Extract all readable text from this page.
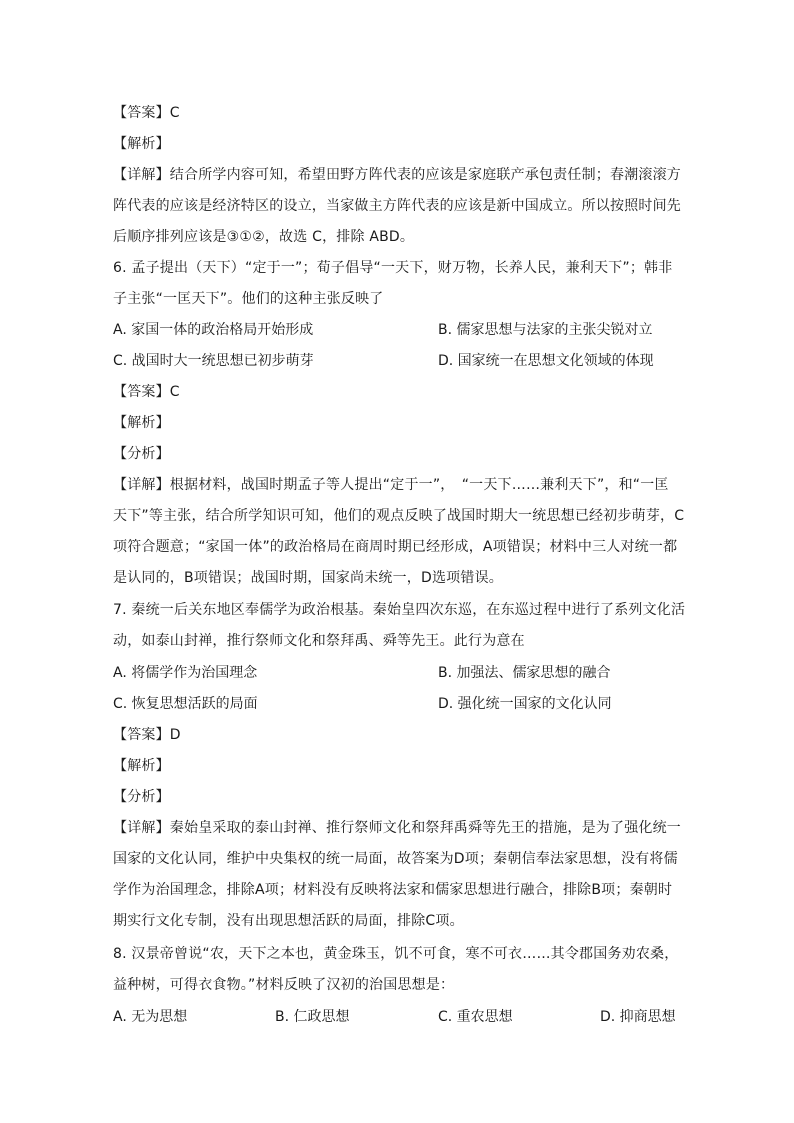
【答案】C
【解析】
【详解】结合所学内容可知，希望田野方阵代表的应该是家庭联产承包责任制；春潮滚滚方
阵代表的应该是经济特区的设立，当家做主方阵代表的应该是新中国成立。所以按照时间先
后顺序排列应该是③①②，故选 C，排除 ABD。
6. 孟子提出（天下）“定于一”；荀子倡导“一天下，财万物，长养人民，兼利天下”；韩非
子主张“一匡天下”。他们的这种主张反映了
A. 家国一体的政治格局开始形成	B. 儒家思想与法家的主张尖锐对立
C. 战国时大一统思想已初步萌芽	D. 国家统一在思想文化领域的体现
【答案】C
【解析】
【分析】
【详解】根据材料，战国时期孟子等人提出“定于一”，　“一天下……兼利天下”，和“一匡
天下”等主张，结合所学知识可知，他们的观点反映了战国时期大一统思想已经初步萌芽，C
项符合题意；“家国一体”的政治格局在商周时期已经形成，A项错误；材料中三人对统一都
是认同的，B项错误；战国时期，国家尚未统一，D选项错误。
7. 秦统一后关东地区奉儒学为政治根基。秦始皇四次东巡，在东巡过程中进行了系列文化活
动，如泰山封禅，推行祭师文化和祭拜禹、舜等先王。此行为意在
A. 将儒学作为治国理念	B. 加强法、儒家思想的融合
C. 恢复思想活跃的局面	D. 强化统一国家的文化认同
【答案】D
【解析】
【分析】
【详解】秦始皇采取的泰山封禅、推行祭师文化和祭拜禹舜等先王的措施，是为了强化统一
国家的文化认同，维护中央集权的统一局面，故答案为D项；秦朝信奉法家思想，没有将儒
学作为治国理念，排除A项；材料没有反映将法家和儒家思想进行融合，排除B项；秦朝时
期实行文化专制，没有出现思想活跃的局面，排除C项。
8. 汉景帝曾说“农，天下之本也，黄金珠玉，饥不可食，寒不可衣……其令郡国务劝农桑，
益种树，可得衣食物。”材料反映了汉初的治国思想是：
A. 无为思想	B. 仁政思想	C. 重农思想	D. 抑商思想
